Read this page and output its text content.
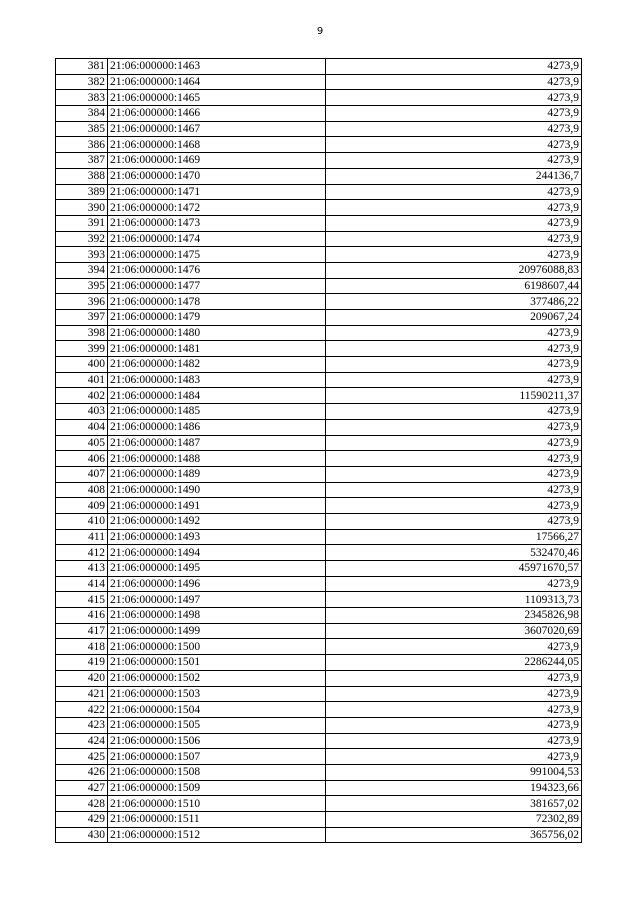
9
381	21:06:000000:1463	4273,9
382	21:06:000000:1464	4273,9
383	21:06:000000:1465	4273,9
384	21:06:000000:1466	4273,9
385	21:06:000000:1467	4273,9
386	21:06:000000:1468	4273,9
387	21:06:000000:1469	4273,9
388	21:06:000000:1470	244136,7
389	21:06:000000:1471	4273,9
390	21:06:000000:1472	4273,9
391	21:06:000000:1473	4273,9
392	21:06:000000:1474	4273,9
393	21:06:000000:1475	4273,9
394	21:06:000000:1476	20976088,83
395	21:06:000000:1477	6198607,44
396	21:06:000000:1478	377486,22
397	21:06:000000:1479	209067,24
398	21:06:000000:1480	4273,9
399	21:06:000000:1481	4273,9
400	21:06:000000:1482	4273,9
401	21:06:000000:1483	4273,9
402	21:06:000000:1484	11590211,37
403	21:06:000000:1485	4273,9
404	21:06:000000:1486	4273,9
405	21:06:000000:1487	4273,9
406	21:06:000000:1488	4273,9
407	21:06:000000:1489	4273,9
408	21:06:000000:1490	4273,9
409	21:06:000000:1491	4273,9
410	21:06:000000:1492	4273,9
411	21:06:000000:1493	17566,27
412	21:06:000000:1494	532470,46
413	21:06:000000:1495	45971670,57
414	21:06:000000:1496	4273,9
415	21:06:000000:1497	1109313,73
416	21:06:000000:1498	2345826,98
417	21:06:000000:1499	3607020,69
418	21:06:000000:1500	4273,9
419	21:06:000000:1501	2286244,05
420	21:06:000000:1502	4273,9
421	21:06:000000:1503	4273,9
422	21:06:000000:1504	4273,9
423	21:06:000000:1505	4273,9
424	21:06:000000:1506	4273,9
425	21:06:000000:1507	4273,9
426	21:06:000000:1508	991004,53
427	21:06:000000:1509	194323,66
428	21:06:000000:1510	381657,02
429	21:06:000000:1511	72302,89
430	21:06:000000:1512	365756,02
